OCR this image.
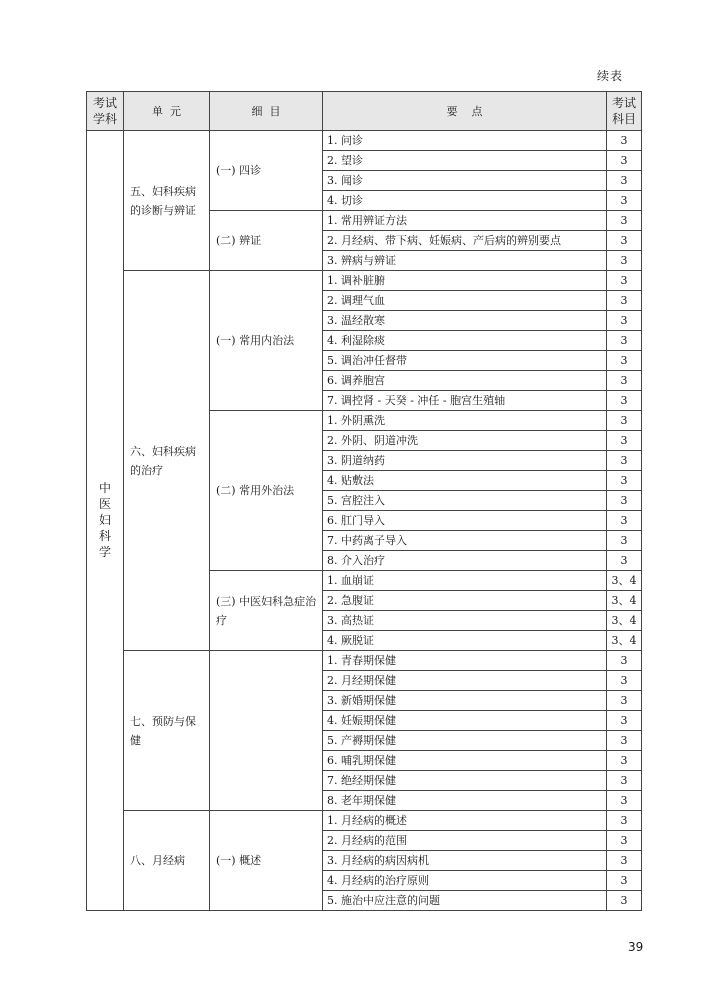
续表
考试学科	单  元	细  目	要    点	考试科目
中医妇科学	五、妇科疾病的诊断与辨证	(一) 四诊	1. 问诊	3
			2. 望诊	3
			3. 闻诊	3
			4. 切诊	3
		(二) 辨证	1. 常用辨证方法	3
			2. 月经病、带下病、妊娠病、产后病的辨别要点	3
			3. 辨病与辨证	3
	六、妇科疾病的治疗	(一) 常用内治法	1. 调补脏腑	3
			2. 调理气血	3
			3. 温经散寒	3
			4. 利湿除痰	3
			5. 调治冲任督带	3
			6. 调养胞宫	3
			7. 调控肾 - 天癸 - 冲任 - 胞宫生殖轴	3
		(二) 常用外治法	1. 外阴熏洗	3
			2. 外阴、阴道冲洗	3
			3. 阴道纳药	3
			4. 贴敷法	3
			5. 宫腔注入	3
			6. 肛门导入	3
			7. 中药离子导入	3
			8. 介入治疗	3
		(三) 中医妇科急症治疗	1. 血崩证	3、4
			2. 急腹证	3、4
			3. 高热证	3、4
			4. 厥脱证	3、4
	七、预防与保健		1. 青春期保健	3
			2. 月经期保健	3
			3. 新婚期保健	3
			4. 妊娠期保健	3
			5. 产褥期保健	3
			6. 哺乳期保健	3
			7. 绝经期保健	3
			8. 老年期保健	3
	八、月经病	(一) 概述	1. 月经病的概述	3
			2. 月经病的范围	3
			3. 月经病的病因病机	3
			4. 月经病的治疗原则	3
			5. 施治中应注意的问题	3
39
